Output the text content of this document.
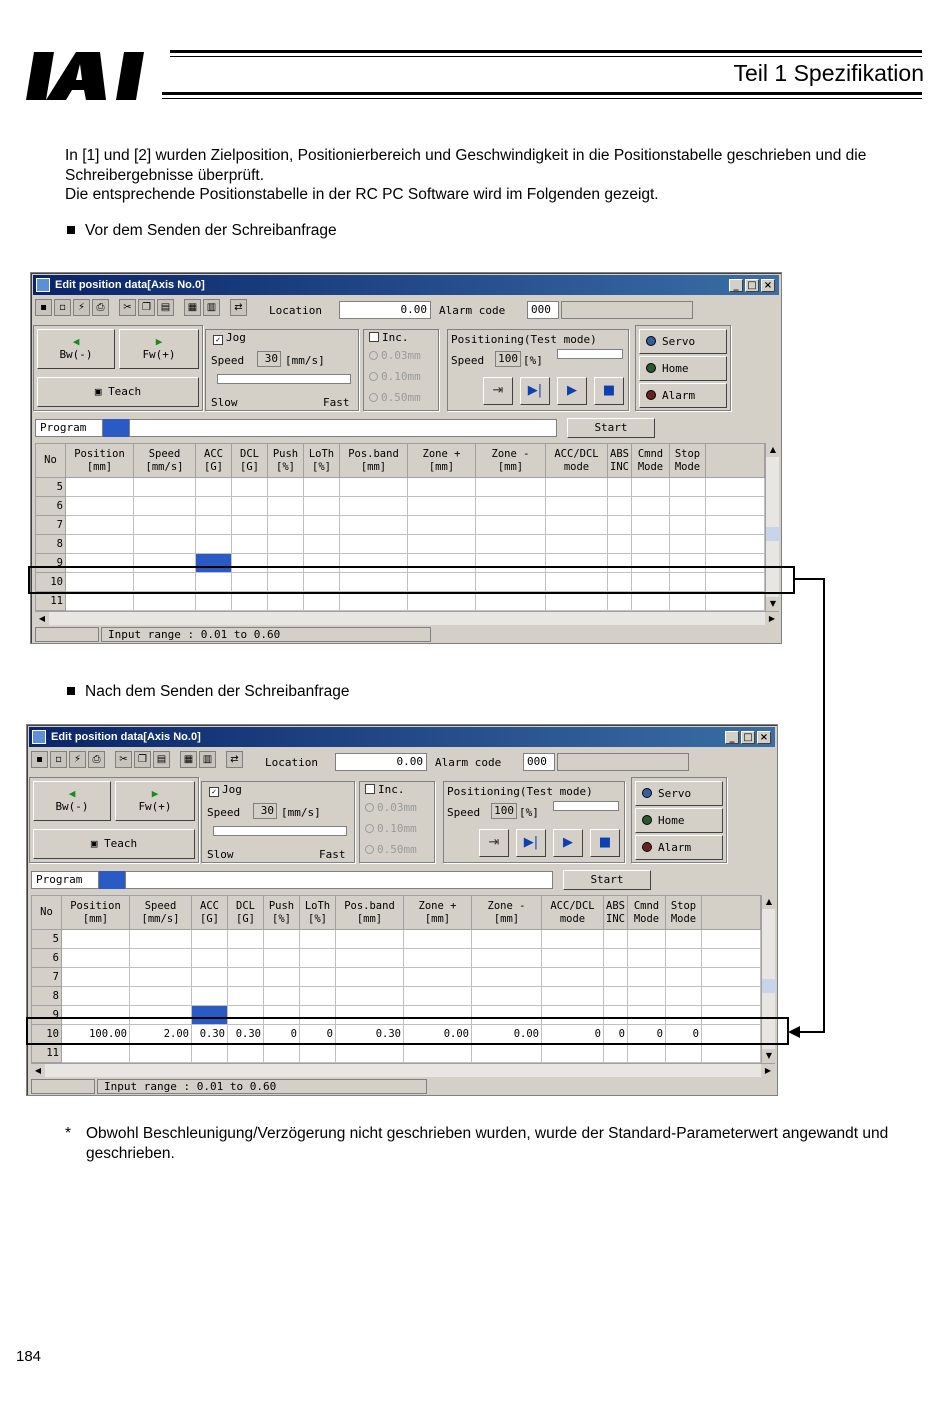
Teil 1 Spezifikation
In [1] und [2] wurden Zielposition, Positionierbereich und Geschwindigkeit in die Positionstabelle geschrieben und die Schreibergebnisse überprüft.
Die entsprechende Positionstabelle in der RC PC Software wird im Folgenden gezeigt.
Vor dem Senden der Schreibanfrage
Nach dem Senden der Schreibanfrage
Edit position data[Axis No.0]	_ □ ×
▪	▫	⚡	⎙	✂	❐ ▤	▦ ▥	⇄	Location	0.00	Alarm code	000
◀
Bw(-)
▶
Fw(+)
▣ Teach
✓ Jog
Speed	30 [mm/s]
Slow	Fast
Inc.
0.03mm
0.10mm
0.50mm
Positioning(Test mode)
Speed 100 [%]
⇥	▶|	▶	■
Servo
Home
Alarm
Program	Start
No	Position
[mm]	Speed
[mm/s]	ACC
[G]	DCL
[G]	Push
[%]	LoTh
[%]	Pos.band
[mm]	Zone +
[mm]	Zone -
[mm]	ACC/DCL
mode	ABS
INC	Cmnd
Mode	Stop
Mode	
5														
6														
7														
8														
9														
10														
11														
▲
▼
◀	▶
Input range : 0.01 to 0.60
Edit position data[Axis No.0]	_ □ ×
▪	▫	⚡	⎙	✂	❐ ▤	▦ ▥	⇄	Location	0.00	Alarm code	000
◀
Bw(-)
▶
Fw(+)
▣ Teach
✓ Jog
Speed	30 [mm/s]
Slow	Fast
Inc.
0.03mm
0.10mm
0.50mm
Positioning(Test mode)
Speed 100 [%]
⇥	▶|	▶	■
Servo
Home
Alarm
Program	Start
No	Position
[mm]	Speed
[mm/s]	ACC
[G]	DCL
[G]	Push
[%]	LoTh
[%]	Pos.band
[mm]	Zone +
[mm]	Zone -
[mm]	ACC/DCL
mode	ABS
INC	Cmnd
Mode	Stop
Mode	
5														
6														
7														
8														
9														
10	100.00	2.00	0.30	0.30	0	0	0.30	0.00	0.00	0	0	0	0	
11														
▲
▼
◀	▶
Input range : 0.01 to 0.60
* Obwohl Beschleunigung/Verzögerung nicht geschrieben wurden, wurde der Standard-Parameterwert angewandt und geschrieben.
184
